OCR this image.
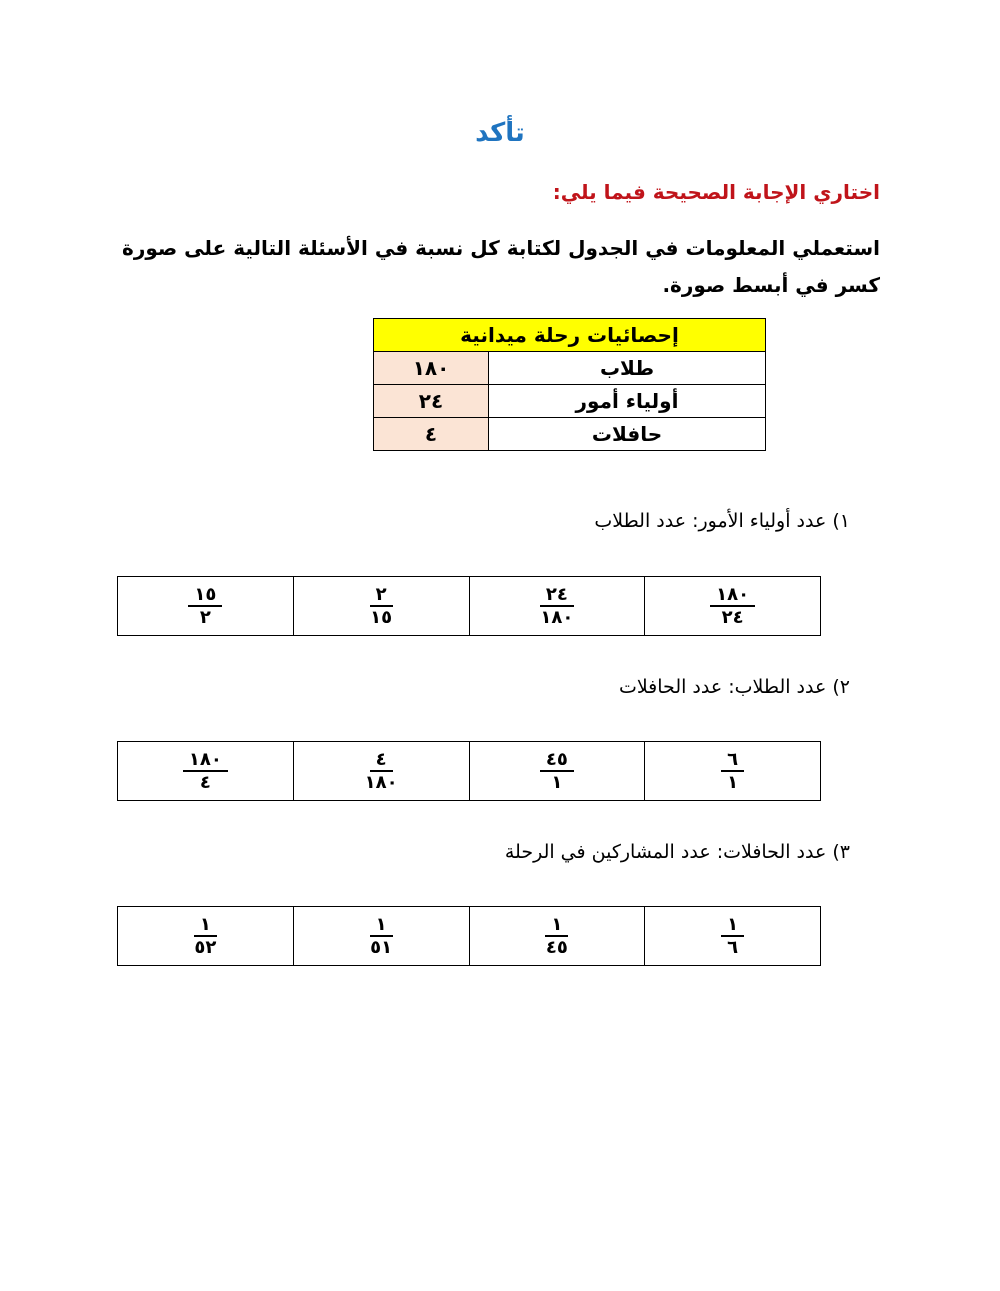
تأكد
اختاري الإجابة الصحيحة فيما يلي:
استعملي المعلومات في الجدول لكتابة كل نسبة في الأسئلة التالية على صورة كسر في أبسط صورة.
إحصائيات رحلة ميدانية	
طلاب	١٨٠
أولياء أمور	٢٤
حافلات	٤
١) عدد أولياء الأمور: عدد الطلاب
$\frac{١٨٠}{٢٤}$
$\frac{٢٤}{١٨٠}$
$\frac{٢}{١٥}$
$\frac{١٥}{٢}$
٢) عدد الطلاب: عدد الحافلات
$\frac{٦}{١}$
$\frac{٤٥}{١}$
$\frac{٤}{١٨٠}$
$\frac{١٨٠}{٤}$
٣) عدد الحافلات: عدد المشاركين في الرحلة
$\frac{١}{٦}$
$\frac{١}{٤٥}$
$\frac{١}{٥١}$
$\frac{١}{٥٢}$
